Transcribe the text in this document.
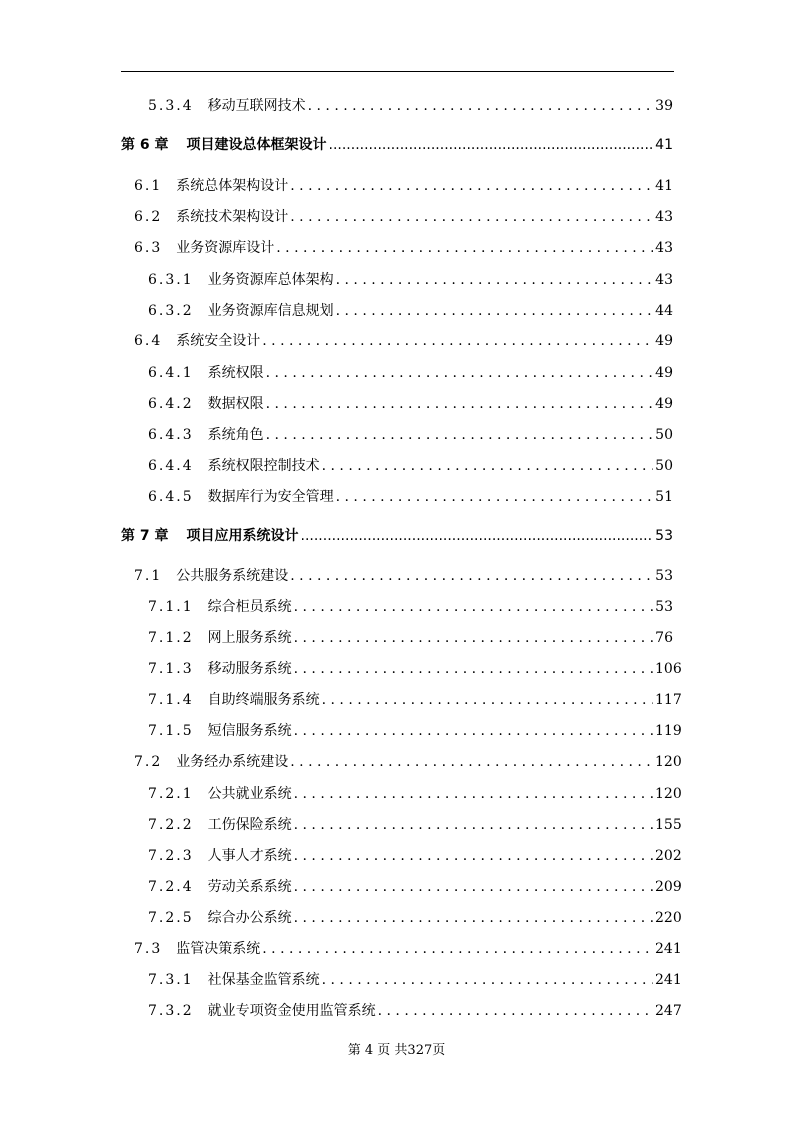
5.3.4	移动互联网技术 . . .	39
第 6 章	项目建设总体框架设计 .....	41
6.1	系统总体架构设计 . . .	41
6.2	系统技术架构设计 . . .	43
6.3	业务资源库设计 . . .	43
6.3.1	业务资源库总体架构 . . .	43
6.3.2	业务资源库信息规划 . . .	44
6.4	系统安全设计 . . .	49
6.4.1	系统权限 . . .	49
6.4.2	数据权限 . . .	49
6.4.3	系统角色 . . .	50
6.4.4	系统权限控制技术 . . .	50
6.4.5	数据库行为安全管理 . . .	51
第 7 章	项目应用系统设计 .....	53
7.1	公共服务系统建设 . . .	53
7.1.1	综合柜员系统 . . .	53
7.1.2	网上服务系统 . . .	76
7.1.3	移动服务系统 . . .	106
7.1.4	自助终端服务系统 . . .	117
7.1.5	短信服务系统 . . .	119
7.2	业务经办系统建设 . . .	120
7.2.1	公共就业系统 . . .	120
7.2.2	工伤保险系统 . . .	155
7.2.3	人事人才系统 . . .	202
7.2.4	劳动关系系统 . . .	209
7.2.5	综合办公系统 . . .	220
7.3	监管决策系统 . . .	241
7.3.1	社保基金监管系统 . . .	241
7.3.2	就业专项资金使用监管系统 . . .	247
第 4 页 共327页
